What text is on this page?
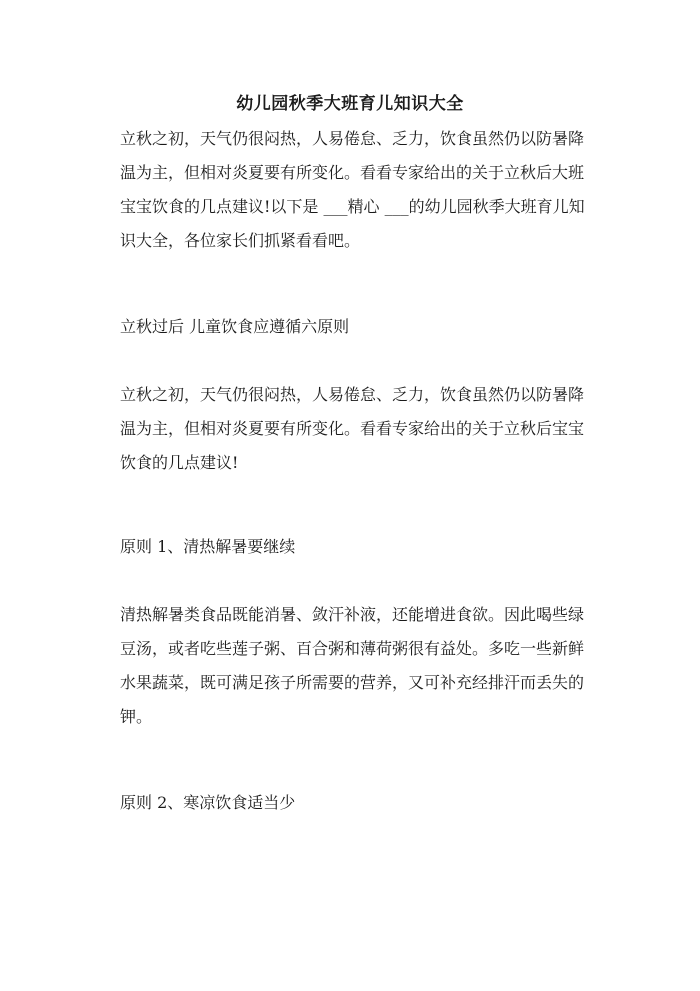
幼儿园秋季大班育儿知识大全
立秋之初，天气仍很闷热，人易倦怠、乏力，饮食虽然仍以防暑降温为主，但相对炎夏要有所变化。看看专家给出的关于立秋后大班宝宝饮食的几点建议!以下是 ___精心 ___的幼儿园秋季大班育儿知识大全，各位家长们抓紧看看吧。
立秋过后 儿童饮食应遵循六原则
立秋之初，天气仍很闷热，人易倦怠、乏力，饮食虽然仍以防暑降温为主，但相对炎夏要有所变化。看看专家给出的关于立秋后宝宝饮食的几点建议!
原则 1、清热解暑要继续
清热解暑类食品既能消暑、敛汗补液，还能增进食欲。因此喝些绿豆汤，或者吃些莲子粥、百合粥和薄荷粥很有益处。多吃一些新鲜水果蔬菜，既可满足孩子所需要的营养，又可补充经排汗而丢失的钾。
原则 2、寒凉饮食适当少
